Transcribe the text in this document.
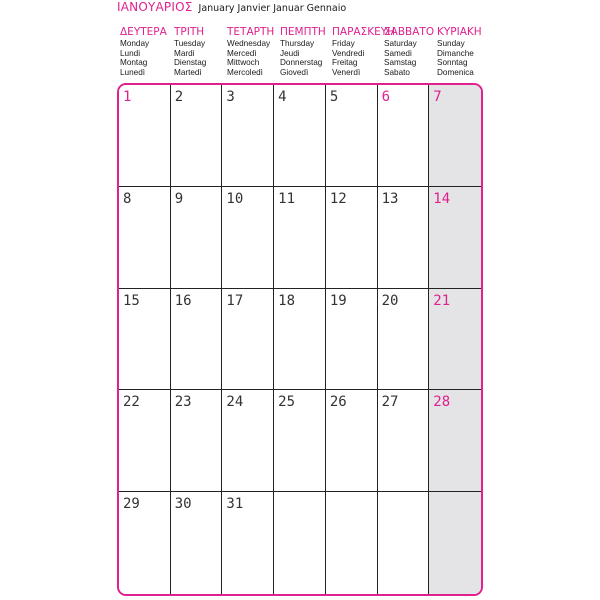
ΙΑΝΟΥΑΡΙΟΣ January Janvier Januar Gennaio
ΔΕΥΤΕΡΑ
Monday
Lundi
Montag
Lunedì
ΤΡΙΤΗ
Tuesday
Mardi
Dienstag
Martedì
ΤΕΤΑΡΤΗ
Wednesday
Mercedì
Mittwoch
Mercoledì
ΠΕΜΠΤΗ
Thursday
Jeudi
Donnerstag
Giovedì
ΠΑΡΑΣΚΕΥΗ
Friday
Vendredi
Freitag
Venerdì
ΣΑΒΒΑΤΟ
Saturday
Samedi
Samstag
Sabato
ΚΥΡΙΑΚΗ
Sunday
Dimanche
Sonntag
Domenica
1	2	3	4	5	6	7
8	9	10 11 12 13 14
15 16 17 18 19 20 21
22 23 24 25 26 27 28
29 30 31
